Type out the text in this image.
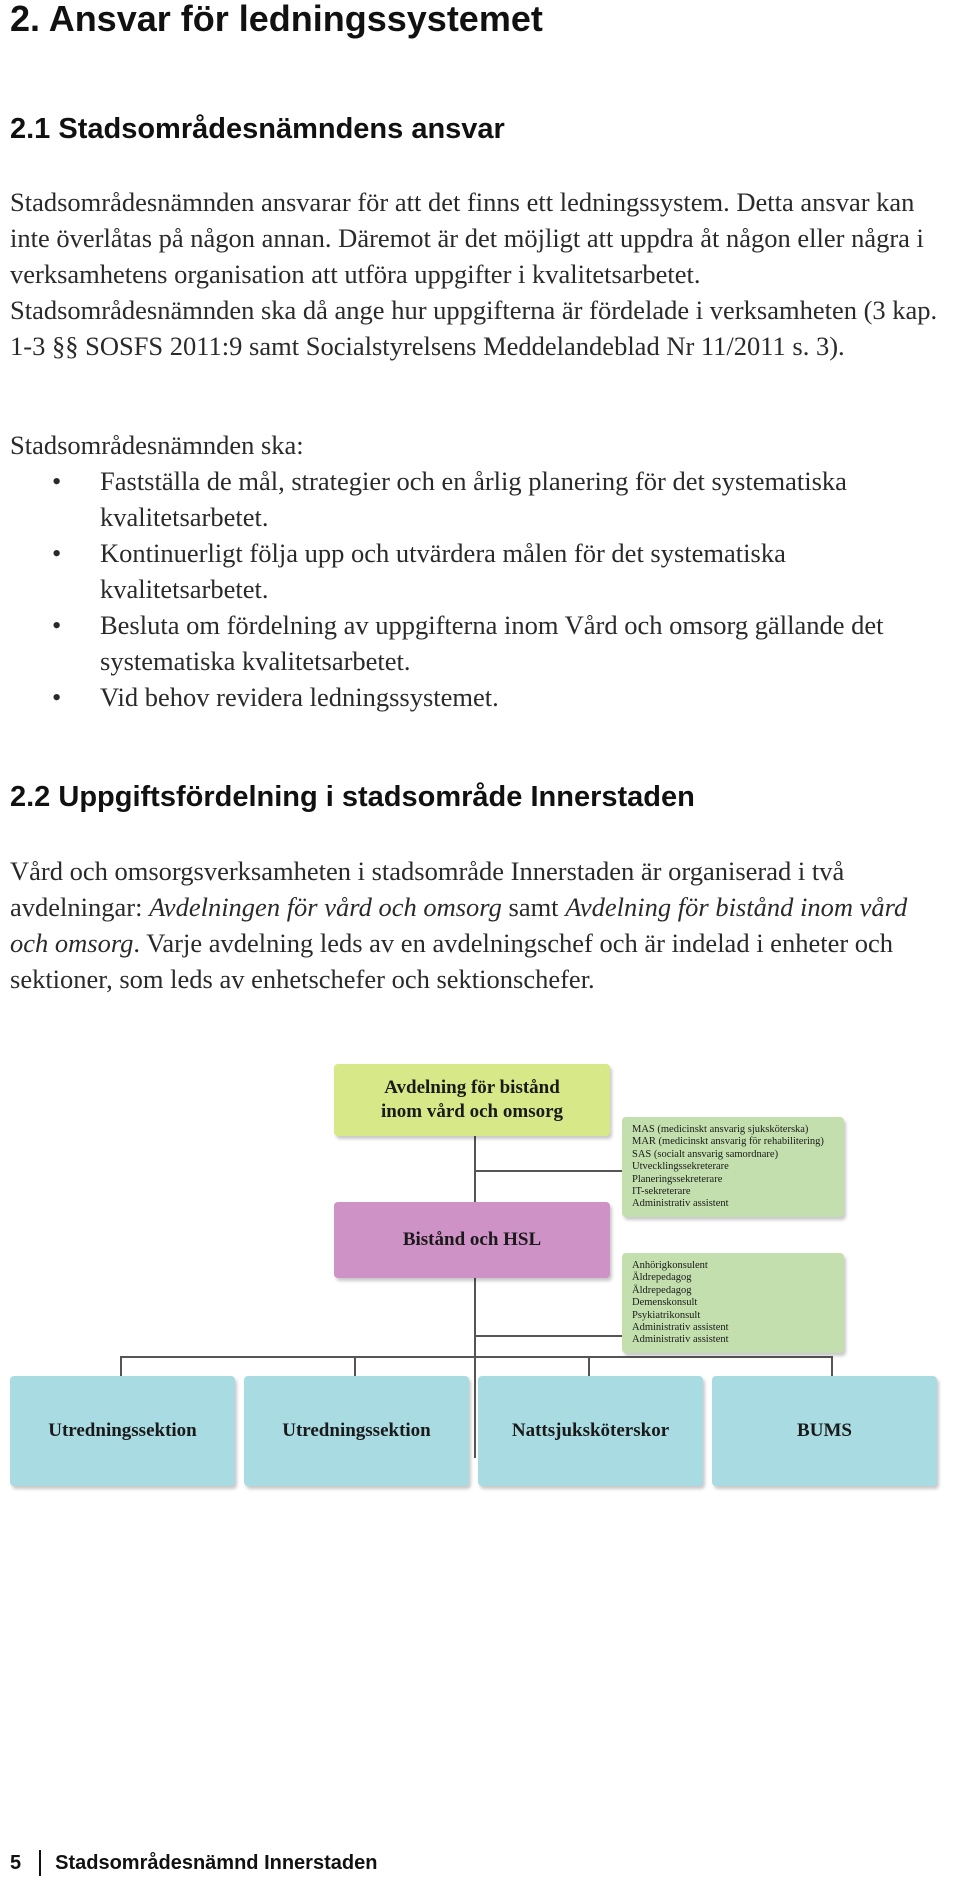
2. Ansvar för ledningssystemet
2.1 Stadsområdesnämndens ansvar

Stadsområdesnämnden ansvarar för att det finns ett ledningssystem. Detta ansvar kan inte överlåtas på någon annan. Däremot är det möjligt att uppdra åt någon eller några i verksamhetens organisation att utföra uppgifter i kvalitetsarbetet. Stadsområdesnämnden ska då ange hur uppgifterna är fördelade i verksamheten (3 kap. 1-3 §§ SOSFS 2011:9 samt Socialstyrelsens Meddelandeblad Nr 11/2011 s. 3).

Stadsområdesnämnden ska:

• Fastställa de mål, strategier och en årlig planering för det systematiska kvalitetsarbetet.
• Kontinuerligt följa upp och utvärdera målen för det systematiska kvalitetsarbetet.
• Besluta om fördelning av uppgifterna inom Vård och omsorg gällande det systematiska kvalitetsarbetet.
• Vid behov revidera ledningssystemet.
2.2 Uppgiftsfördelning i stadsområde Innerstaden

Vård och omsorgsverksamheten i stadsområde Innerstaden är organiserad i två avdelningar: Avdelningen för vård och omsorg samt Avdelning för bistånd inom vård och omsorg. Varje avdelning leds av en avdelningschef och är indelad i enheter och sektioner, som leds av enhetschefer och sektionschefer.

Avdelning för bistånd inom vård och omsorg
MAS (medicinskt ansvarig sjuksköterska)
MAR (medicinskt ansvarig för rehabilitering)
SAS (socialt ansvarig samordnare)
Utvecklingssekreterare
Planeringssekreterare
IT-sekreterare
Administrativ assistent
Bistånd och HSL
Anhörigkonsulent
Äldrepedagog
Äldrepedagog
Demenskonsult
Psykiatrikonsult
Administrativ assistent
Administrativ assistent
Utredningssektion	Utredningssektion	Nattsjuksköterskor	BUMS
5 Stadsområdesnämnd Innerstaden
